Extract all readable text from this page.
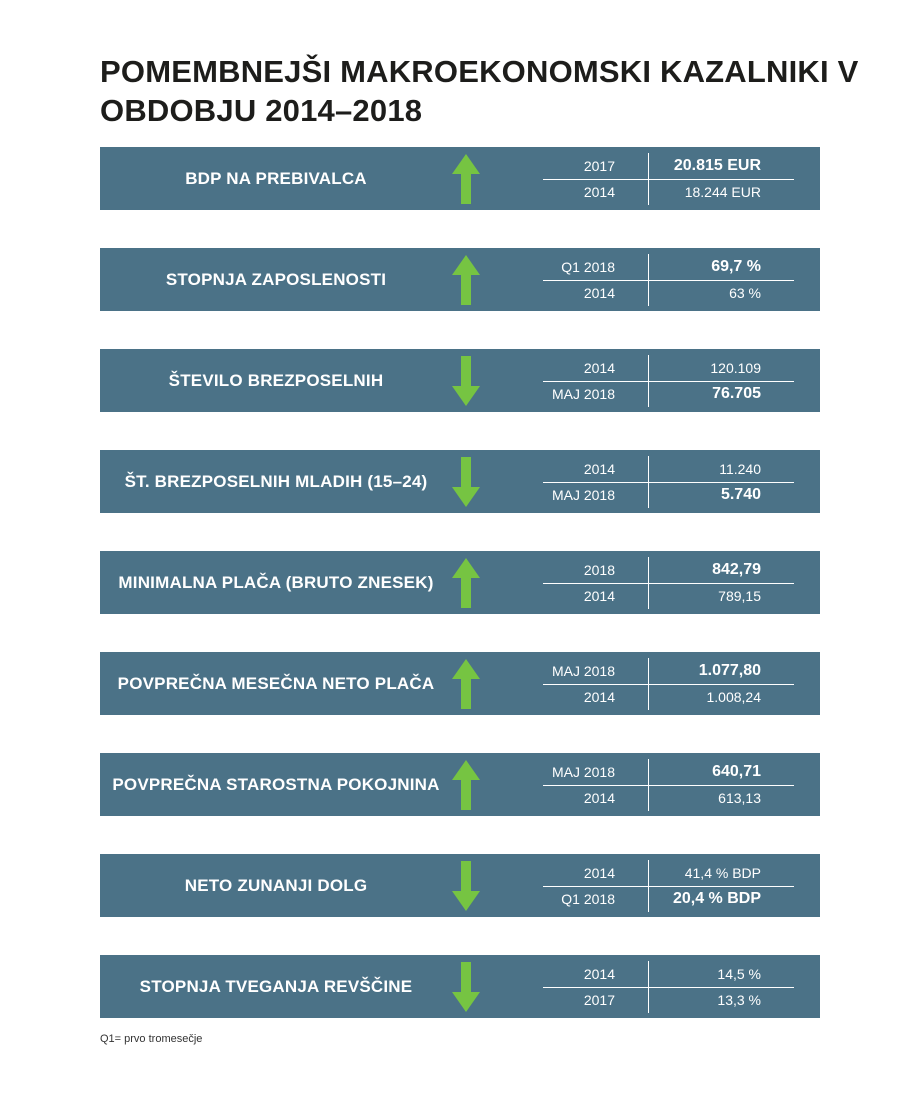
POMEMBNEJŠI MAKROEKONOMSKI KAZALNIKI V OBDOBJU 2014–2018
BDP NA PREBIVALCA
2017	20.815 EUR
2014	18.244 EUR
STOPNJA ZAPOSLENOSTI
Q1 2018	69,7 %
2014	63 %
ŠTEVILO BREZPOSELNIH
2014	120.109
MAJ 2018	76.705
ŠT. BREZPOSELNIH MLADIH (15–24)
2014	11.240
MAJ 2018	5.740
MINIMALNA PLAČA (BRUTO ZNESEK)
2018	842,79
2014	789,15
POVPREČNA MESEČNA NETO PLAČA
MAJ 2018	1.077,80
2014	1.008,24
POVPREČNA STAROSTNA POKOJNINA
MAJ 2018	640,71
2014	613,13
NETO ZUNANJI DOLG
2014	41,4 % BDP
Q1 2018	20,4 % BDP
STOPNJA TVEGANJA REVŠČINE
2014	14,5 %
2017	13,3 %
Q1= prvo tromesečje
